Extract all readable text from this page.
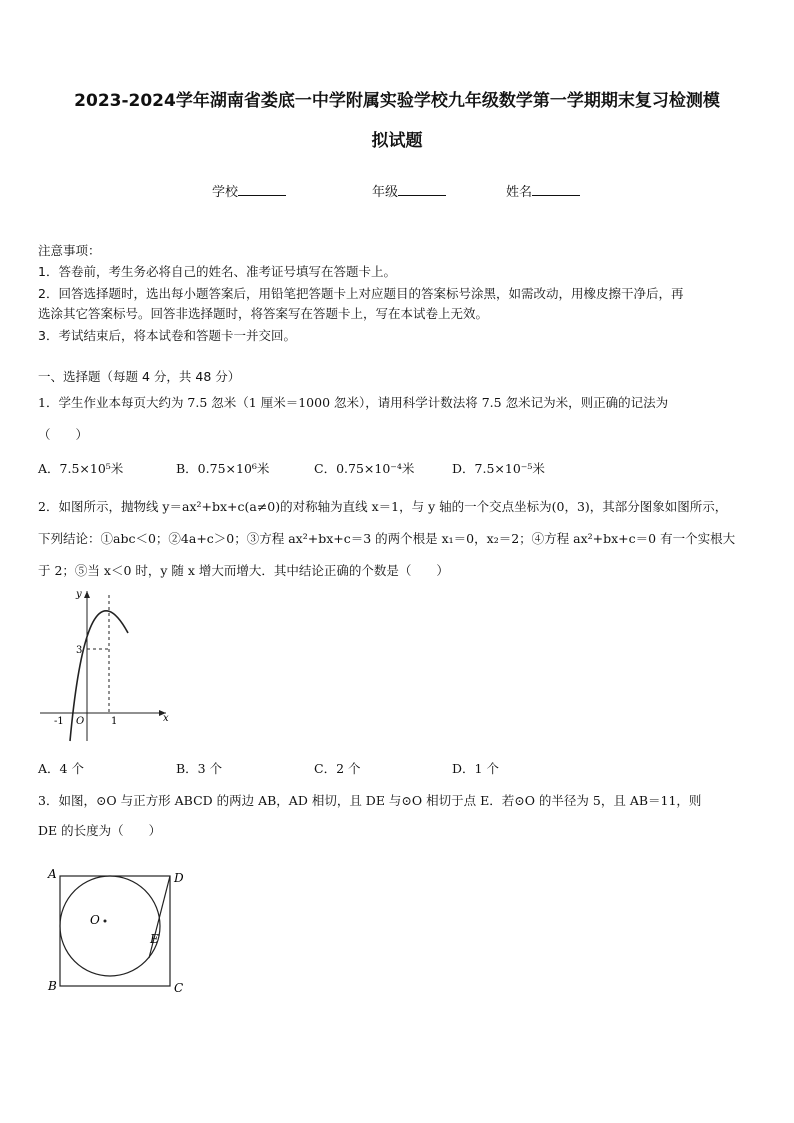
2023-2024学年湖南省娄底一中学附属实验学校九年级数学第一学期期末复习检测模
拟试题
学校	年级	姓名
注意事项：
1．答卷前，考生务必将自己的姓名、准考证号填写在答题卡上。
2．回答选择题时，选出每小题答案后，用铅笔把答题卡上对应题目的答案标号涂黑，如需改动，用橡皮擦干净后，再
选涂其它答案标号。回答非选择题时，将答案写在答题卡上，写在本试卷上无效。
3．考试结束后，将本试卷和答题卡一并交回。
一、选择题（每题 4 分，共 48 分）
1．学生作业本每页大约为 7.5 忽米（1 厘米＝1000 忽米），请用科学计数法将 7.5 忽米记为米，则正确的记法为
（　　）
A．7.5×10⁵米	B．0.75×10⁶米	C．0.75×10⁻⁴米	D．7.5×10⁻⁵米
2．如图所示，抛物线 y＝ax²+bx+c(a≠0)的对称轴为直线 x＝1，与 y 轴的一个交点坐标为(0，3)，其部分图象如图所示，
下列结论：①abc＜0；②4a+c＞0；③方程 ax²+bx+c＝3 的两个根是 x₁＝0，x₂＝2；④方程 ax²+bx+c＝0 有一个实根大
于 2；⑤当 x＜0 时，y 随 x 增大而增大．其中结论正确的个数是（　　）
y
x
3
-1 O	1
A．4 个	B．3 个	C．2 个	D．1 个
3．如图，⊙O 与正方形 ABCD 的两边 AB，AD 相切，且 DE 与⊙O 相切于点 E．若⊙O 的半径为 5，且 AB＝11，则
DE 的长度为（　　）
A	D
B	C
E
O
